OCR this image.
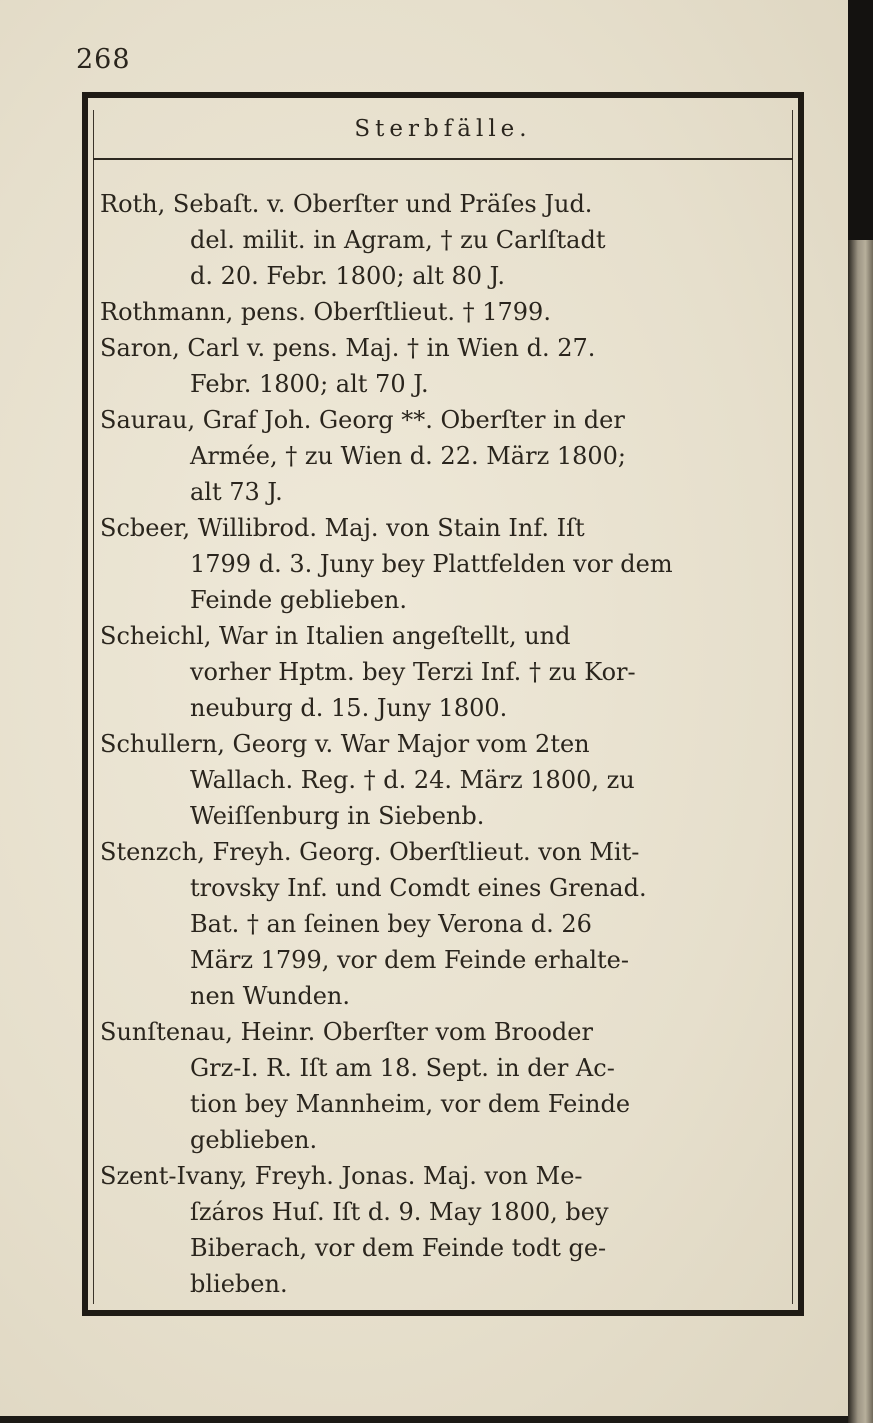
268
Sterbfälle.
Roth, Sebaſt. v. Oberſter und Präſes Jud.
del. milit. in Agram, † zu Carlſtadt
d. 20. Febr. 1800; alt 80 J.
Rothmann, pens. Oberſtlieut. † 1799.
Saron, Carl v. pens. Maj. † in Wien d. 27.
Febr. 1800; alt 70 J.
Saurau, Graf Joh. Georg **. Oberſter in der
Armée, † zu Wien d. 22. März 1800;
alt 73 J.
Scbeer, Willibrod. Maj. von Stain Inf. Iſt
1799 d. 3. Juny bey Plattfelden vor dem
Feinde geblieben.
Scheichl, War in Italien angeſtellt, und
vorher Hptm. bey Terzi Inf. † zu Kor-
neuburg d. 15. Juny 1800.
Schullern, Georg v. War Major vom 2ten
Wallach. Reg. † d. 24. März 1800, zu
Weiſſenburg in Siebenb.
Stenzch, Freyh. Georg. Oberſtlieut. von Mit-
trovsky Inf. und Comdt eines Grenad.
Bat. † an ſeinen bey Verona d. 26
März 1799, vor dem Feinde erhalte-
nen Wunden.
Sunſtenau, Heinr. Oberſter vom Brooder
Grz-I. R. Iſt am 18. Sept. in der Ac-
tion bey Mannheim, vor dem Feinde
geblieben.
Szent-Ivany, Freyh. Jonas. Maj. von Me-
ſzáros Huſ. Iſt d. 9. May 1800, bey
Biberach, vor dem Feinde todt ge-
blieben.
